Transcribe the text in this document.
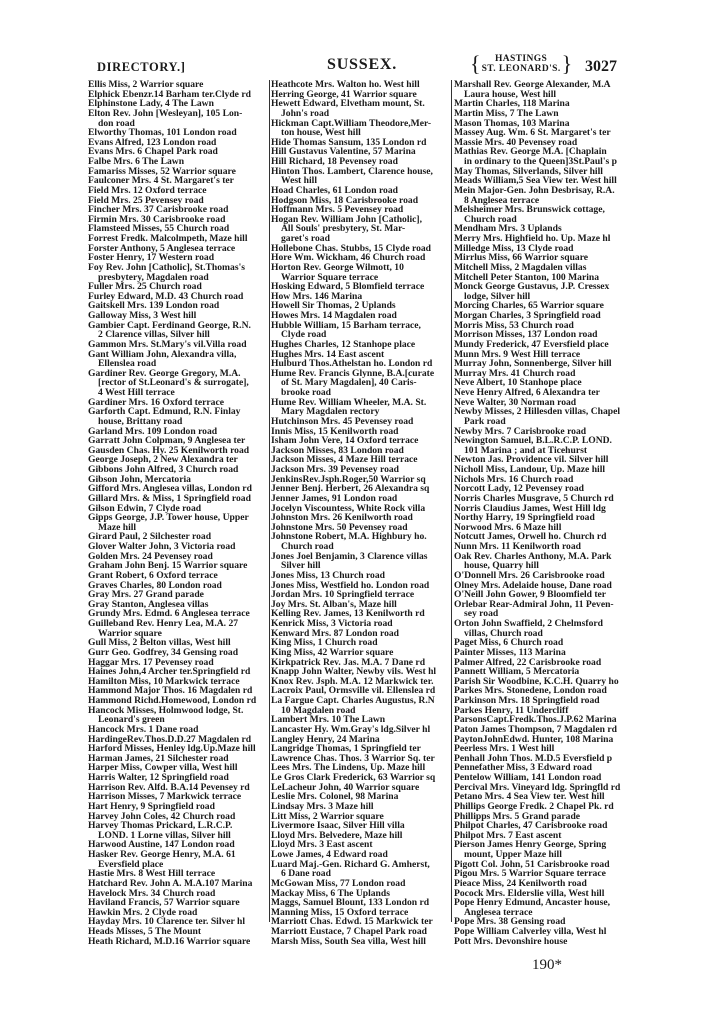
DIRECTORY.]	SUSSEX.	{ HASTINGS
ST. LEONARD'S. } 3027
Ellis Miss, 2 Warrior square
Elphick Ebenzr.14 Barham ter.Clyde rd
Elphinstone Lady, 4 The Lawn
Elton Rev. John [Wesleyan], 105 Lon-
don road
Elworthy Thomas, 101 London road
Evans Alfred, 123 London road
Evans Mrs. 6 Chapel Park road
Falbe Mrs. 6 The Lawn
Famariss Misses, 52 Warrior square
Faulconer Mrs. 4 St. Margaret's ter
Field Mrs. 12 Oxford terrace
Field Mrs. 25 Pevensey road
Fincher Mrs. 37 Carisbrooke road
Firmin Mrs. 30 Carisbrooke road
Flamsteed Misses, 55 Church road
Forrest Fredk. Malcolmpeth, Maze hill
Forster Anthony, 5 Anglesea terrace
Foster Henry, 17 Western road
Foy Rev. John [Catholic], St.Thomas's
presbytery, Magdalen road
Fuller Mrs. 25 Church road
Furley Edward, M.D. 43 Church road
Gaitskell Mrs. 139 London road
Galloway Miss, 3 West hill
Gambier Capt. Ferdinand George, R.N.
2 Clarence villas, Silver hill
Gammon Mrs. St.Mary's vil.Villa road
Gant William John, Alexandra villa,
Ellenslea road
Gardiner Rev. George Gregory, M.A.
[rector of St.Leonard's & surrogate],
4 West Hill terrace
Gardiner Mrs. 16 Oxford terrace
Garforth Capt. Edmund, R.N. Finlay
house, Brittany road
Garland Mrs. 109 London road
Garratt John Colpman, 9 Anglesea ter
Gausden Chas. Hy. 25 Kenilworth road
George Joseph, 2 New Alexandra ter
Gibbons John Alfred, 3 Church road
Gibson John, Mercatoria
Gifford Mrs. Anglesea villas, London rd
Gillard Mrs. & Miss, 1 Springfield road
Gilson Edwin, 7 Clyde road
Gipps George, J.P. Tower house, Upper
Maze hill
Girard Paul, 2 Silchester road
Glover Walter John, 3 Victoria road
Golden Mrs. 24 Pevensey road
Graham John Benj. 15 Warrior square
Grant Robert, 6 Oxford terrace
Graves Charles, 80 London road
Gray Mrs. 27 Grand parade
Gray Stanton, Anglesea villas
Grundy Mrs. Edmd. 6 Anglesea terrace
Guilleband Rev. Henry Lea, M.A. 27
Warrior square
Gull Miss, 2 Belton villas, West hill
Gurr Geo. Godfrey, 34 Gensing road
Haggar Mrs. 17 Pevensey road
Haines John,4 Archer ter.Springfield rd
Hamilton Miss, 10 Markwick terrace
Hammond Major Thos. 16 Magdalen rd
Hammond Richd.Homewood, London rd
Hancock Misses, Holmwood lodge, St.
Leonard's green
Hancock Mrs. 1 Dane road
HardingeRev.Thos.D.D.27 Magdalen rd
Harford Misses, Henley ldg.Up.Maze hill
Harman James, 21 Silchester road
Harper Miss, Cowper villa, West hill
Harris Walter, 12 Springfield road
Harrison Rev. Alfd. B.A.14 Pevensey rd
Harrison Misses, 7 Markwick terrace
Hart Henry, 9 Springfield road
Harvey John Coles, 42 Church road
Harvey Thomas Prickard, L.R.C.P.
LOND. 1 Lorne villas, Silver hill
Harwood Austine, 147 London road
Hasker Rev. George Henry, M.A. 61
Eversfield place
Hastie Mrs. 8 West Hill terrace
Hatchard Rev. John A. M.A.107 Marina
Havelock Mrs. 34 Church road
Haviland Francis, 57 Warrior square
Hawkin Mrs. 2 Clyde road
Hayday Mrs. 10 Clarence ter. Silver hl
Heads Misses, 5 The Mount
Heath Richard, M.D.16 Warrior square
Heathcote Mrs. Walton ho. West hill
Herring George, 41 Warrior square
Hewett Edward, Elvetham mount, St.
John's road
Hickman Capt.William Theodore,Mer-
ton house, West hill
Hide Thomas Sansum, 135 London rd
Hill Gustavus Valentine, 57 Marina
Hill Richard, 18 Pevensey road
Hinton Thos. Lambert, Clarence house,
West hill
Hoad Charles, 61 London road
Hodgson Miss, 18 Carisbrooke road
Hoffmann Mrs. 5 Pevensey road
Hogan Rev. William John [Catholic],
All Souls' presbytery, St. Mar-
garet's road
Hollebone Chas. Stubbs, 15 Clyde road
Hore Wm. Wickham, 46 Church road
Horton Rev. George Wilmott, 10
Warrior Square terrace
Hosking Edward, 5 Blomfield terrace
How Mrs. 146 Marina
Howell Sir Thomas, 2 Uplands
Howes Mrs. 14 Magdalen road
Hubble William, 15 Barham terrace,
Clyde road
Hughes Charles, 12 Stanhope place
Hughes Mrs. 14 East ascent
Hulburd Thos.Athelstan ho. London rd
Hume Rev. Francis Glynne, B.A.[curate
of St. Mary Magdalen], 40 Caris-
brooke road
Hume Rev. William Wheeler, M.A. St.
Mary Magdalen rectory
Hutchinson Mrs. 45 Pevensey road
Innis Miss, 15 Kenilworth road
Isham John Vere, 14 Oxford terrace
Jackson Misses, 83 London road
Jackson Misses, 4 Maze Hill terrace
Jackson Mrs. 39 Pevensey road
JenkinsRev.Jsph.Roger,50 Warrior sq
Jenner Benj. Herbert, 26 Alexandra sq
Jenner James, 91 London road
Jocelyn Viscountess, White Rock villa
Johnston Mrs. 26 Kenilworth road
Johnstone Mrs. 50 Pevensey road
Johnstone Robert, M.A. Highbury ho.
Church road
Jones Joel Benjamin, 3 Clarence villas
Silver hill
Jones Miss, 13 Church road
Jones Miss, Westfield ho. London road
Jordan Mrs. 10 Springfield terrace
Joy Mrs. St. Alban's, Maze hill
Kelling Rev. James, 13 Kenilworth rd
Kenrick Miss, 3 Victoria road
Kenward Mrs. 87 London road
King Miss, 1 Church road
King Miss, 42 Warrior square
Kirkpatrick Rev. Jas. M.A. 7 Dane rd
Knapp John Walter, Newby vils. West hl
Knox Rev. Jsph. M.A. 12 Markwick ter.
Lacroix Paul, Ormsville vil. Ellenslea rd
La Fargue Capt. Charles Augustus, R.N
10 Magdalen road
Lambert Mrs. 10 The Lawn
Lancaster Hy. Wm.Gray's ldg.Silver hl
Langley Henry, 24 Marina
Langridge Thomas, 1 Springfield ter
Lawrence Chas. Thos. 3 Warrior Sq. ter
Lees Mrs. The Lindens, Up. Maze hill
Le Gros Clark Frederick, 63 Warrior sq
LeLacheur John, 40 Warrior square
Leslie Mrs. Colonel, 98 Marina
Lindsay Mrs. 3 Maze hill
Litt Miss, 2 Warrior square
Livermore Isaac, Silver Hill villa
Lloyd Mrs. Belvedere, Maze hill
Lloyd Mrs. 3 East ascent
Lowe James, 4 Edward road
Luard Maj.-Gen. Richard G. Amherst,
6 Dane road
McGowan Miss, 77 London road
Mackay Miss, 6 The Uplands
Maggs, Samuel Blount, 133 London rd
Manning Miss, 15 Oxford terrace
Marriott Chas. Edwd. 15 Markwick ter
Marriott Eustace, 7 Chapel Park road
Marsh Miss, South Sea villa, West hill
Marshall Rev. George Alexander, M.A
Laura house, West hill
Martin Charles, 118 Marina
Martin Miss, 7 The Lawn
Mason Thomas, 103 Marina
Massey Aug. Wm. 6 St. Margaret's ter
Massie Mrs. 40 Pevensey road
Mathias Rev. George M.A. [Chaplain
in ordinary to the Queen]3St.Paul's p
May Thomas, Silverlands, Silver hill
Meads William,5 Sea View ter. West hill
Mein Major-Gen. John Desbrisay, R.A.
8 Anglesea terrace
Melsheimer Mrs. Brunswick cottage,
Church road
Mendham Mrs. 3 Uplands
Merry Mrs. Highfield ho. Up. Maze hl
Milledge Miss, 13 Clyde road
Mirrlus Miss, 66 Warrior square
Mitchell Miss, 2 Magdalen villas
Mitchell Peter Stanton, 100 Marina
Monck George Gustavus, J.P. Cressex
lodge, Silver hill
Morcing Charles, 65 Warrior square
Morgan Charles, 3 Springfield road
Morris Miss, 53 Church road
Morrison Misses, 137 London road
Mundy Frederick, 47 Eversfield place
Munn Mrs. 9 West Hill terrace
Murray John, Sonnenberge, Silver hill
Murray Mrs. 41 Church road
Neve Albert, 10 Stanhope place
Neve Henry Alfred, 6 Alexandra ter
Neve Walter, 30 Norman road
Newby Misses, 2 Hillesden villas, Chapel
Park road
Newby Mrs. 7 Carisbrooke road
Newington Samuel, B.L.R.C.P. LOND.
101 Marina ; and at Ticehurst
Newton Jas. Providence vil. Silver hill
Nicholl Miss, Landour, Up. Maze hill
Nichols Mrs. 16 Church road
Norcott Lady, 12 Pevensey road
Norris Charles Musgrave, 5 Church rd
Norris Claudius James, West Hill ldg
Northy Harry, 19 Springfield road
Norwood Mrs. 6 Maze hill
Notcutt James, Orwell ho. Church rd
Nunn Mrs. 11 Kenilworth road
Oak Rev. Charles Anthony, M.A. Park
house, Quarry hill
O'Donnell Mrs. 26 Carisbrooke road
Olney Mrs. Adelaide house, Dane road
O'Neill John Gower, 9 Bloomfield ter
Orlebar Rear-Admiral John, 11 Peven-
sey road
Orton John Swaffield, 2 Chelmsford
villas, Church road
Paget Miss, 6 Church road
Painter Misses, 113 Marina
Palmer Alfred, 22 Carisbrooke road
Pannett William, 5 Mercatoria
Parish Sir Woodbine, K.C.H. Quarry ho
Parkes Mrs. Stonedene, London road
Parkinson Mrs. 18 Springfield road
Parkes Henry, 11 Undercliff
ParsonsCapt.Fredk.Thos.J.P.62 Marina
Paton James Thompson, 7 Magdalen rd
PaytonJohnEdwd. Hunter, 108 Marina
Peerless Mrs. 1 West hill
Penhall John Thos. M.D.5 Eversfield p
Pennefather Miss, 3 Edward road
Pentelow William, 141 London road
Percival Mrs. Vineyard ldg. Springfld rd
Petano Mrs. 4 Sea View ter. West hill
Phillips George Fredk. 2 Chapel Pk. rd
Phillipps Mrs. 5 Grand parade
Philpot Charles, 47 Carisbrooke road
Philpot Mrs. 7 East ascent
Pierson James Henry George, Spring
mount, Upper Maze hill
Pigott Col. John, 51 Carisbrooke road
Pigou Mrs. 5 Warrior Square terrace
Pieace Miss, 24 Kenilworth road
Pocock Mrs. Elderslie villa, West hill
Pope Henry Edmund, Ancaster house,
Anglesea terrace
Pope Mrs. 38 Gensing road
Pope William Calverley villa, West hl
Pott Mrs. Devonshire house
190*
